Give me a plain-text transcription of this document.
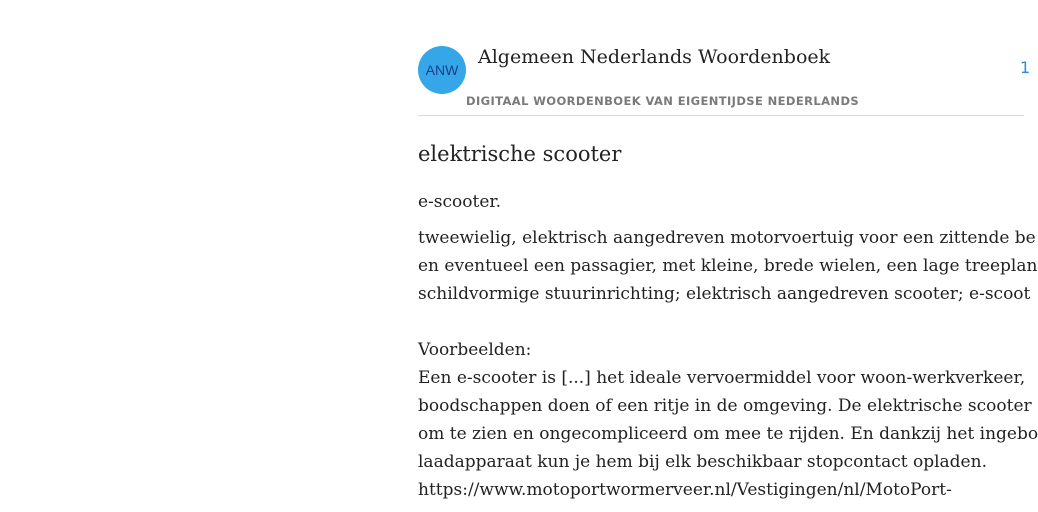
ANW
Algemeen Nederlands Woordenboek
DIGITAAL WOORDENBOEK VAN EIGENTIJDSE NEDERLANDS
1
elektrische scooter
e-scooter.
tweewielig, elektrisch aangedreven motorvoertuig voor een zittende be
en eventueel een passagier, met kleine, brede wielen, een lage treeplan
schildvormige stuurinrichting; elektrisch aangedreven scooter; e-scoot
Voorbeelden:
Een e-scooter is [...] het ideale vervoermiddel voor woon-werkverkeer,
boodschappen doen of een ritje in de omgeving. De elektrische scooter
om te zien en ongecompliceerd om mee te rijden. En dankzij het ingebo
laadapparaat kun je hem bij elk beschikbaar stopcontact opladen.
https://www.motoportwormerveer.nl/Vestigingen/nl/MotoPort-
